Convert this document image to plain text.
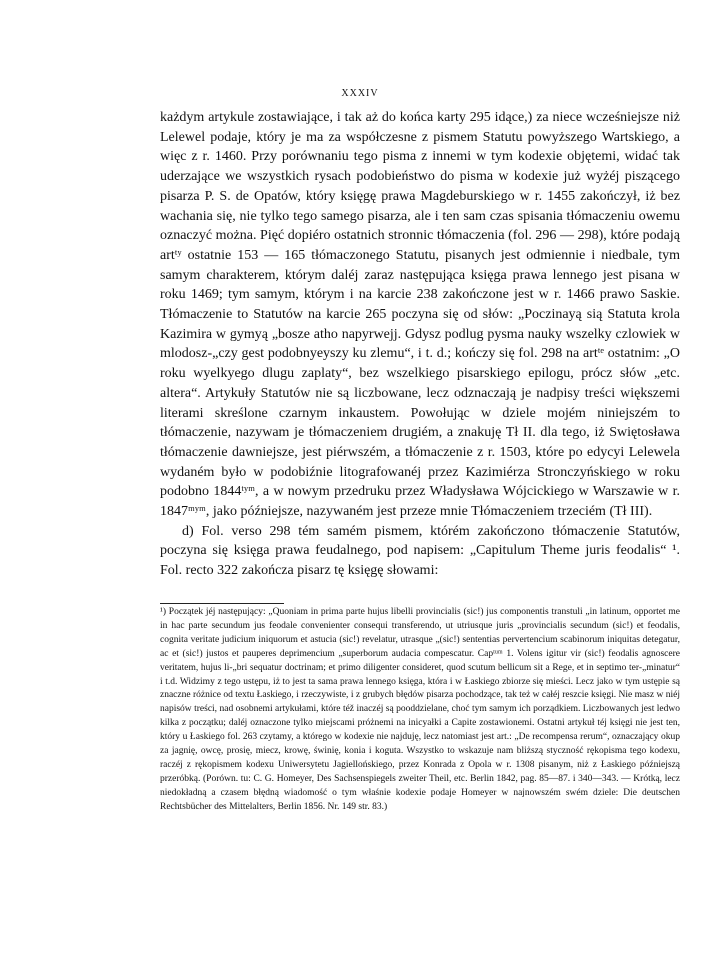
XXXIV

każdym artykule zostawiające, i tak aż do końca karty 295 idące,) za niece wcześniejsze niż Lelewel podaje, który je ma za współczesne z pismem Statutu powyższego Wartskiego, a więc z r. 1460. Przy porównaniu tego pisma z innemi w tym kodexie objętemi, widać tak uderzające we wszystkich rysach podobieństwo do pisma w kodexie już wyżéj piszącego pisarza P. S. de Opatów, który księgę prawa Magdeburskiego w r. 1455 zakończył, iż bez wachania się, nie tylko tego samego pisarza, ale i ten sam czas spisania tłómaczeniu owemu oznaczyć można. Pięć dopiéro ostatnich stronnic tłómaczenia (fol. 296 — 298), które podają artᵗʸ ostatnie 153 — 165 tłómaczonego Statutu, pisanych jest odmiennie i niedbale, tym samym charakterem, którym daléj zaraz następująca księga prawa lennego jest pisana w roku 1469; tym samym, którym i na karcie 238 zakończone jest w r. 1466 prawo Saskie. Tłómaczenie to Statutów na karcie 265 poczyna się od słów: „Poczinayą sią Statuta krola Kazimira w gymyą „bosze atho napyrwejj. Gdysz podlug pysma nauky wszelky czlowiek w mlodosz-„czy gest podobnyeyszy ku zlemu“, i t. d.; kończy się fol. 298 na artᵗᵉ ostatnim: „O roku wyelkyego dlugu zaplaty“, bez wszelkiego pisarskiego epilogu, prócz słów „etc. altera“. Artykuły Statutów nie są liczbowane, lecz odznaczają je nadpisy treści większemi literami skreślone czarnym inkaustem. Powołując w dziele mojém niniejszém to tłómaczenie, nazywam je tłómaczeniem drugiém, a znakuję Tł II. dla tego, iż Swiętosława tłómaczenie dawniejsze, jest piérwszém, a tłómaczenie z r. 1503, które po edycyi Lelewela wydaném było w podobiźnie litografowanéj przez Kazimiérza Stronczyńskiego w roku podobno 1844ᵗʸᵐ, a w nowym przedruku przez Władysława Wójcickiego w Warszawie w r. 1847ᵐʸᵐ, jako późniejsze, nazywaném jest przeze mnie Tłómaczeniem trzeciém (Tł III).

d) Fol. verso 298 tém samém pismem, którém zakończono tłómaczenie Statutów, poczyna się księga prawa feudalnego, pod napisem: „Capitulum Theme juris feodalis“ ¹. Fol. recto 322 zakończa pisarz tę księgę słowami:

¹) Początek jéj następujący: „Quoniam in prima parte hujus libelli provincialis (sic!) jus componentis transtuli „in latinum, opportet me in hac parte secundum jus feodale convenienter consequi transferendo, ut utriusque juris „provincialis secundum (sic!) et feodalis, cognita veritate judicium iniquorum et astucia (sic!) revelatur, utrasque „(sic!) sententias pervertencium scabinorum iniquitas detegatur, ac et (sic!) justos et pauperes deprimencium „superborum audacia compescatur. Capᵗᵘᵐ 1. Volens igitur vir (sic!) feodalis agnoscere veritatem, hujus li-„bri sequatur doctrinam; et primo diligenter consideret, quod scutum bellicum sit a Rege, et in septimo ter-„minatur“ i t.d. Widzimy z tego ustępu, iż to jest ta sama prawa lennego księga, która i w Łaskiego zbiorze się mieści. Lecz jako w tym ustępie są znaczne różnice od textu Łaskiego, i rzeczywiste, i z grubych błędów pisarza pochodzące, tak też w całéj reszcie księgi. Nie masz w niéj napisów treści, nad osobnemi artykułami, które též inaczéj są pooddzielane, choć tym samym ich porządkiem. Liczbowanych jest ledwo kilka z początku; daléj oznaczone tylko miejscami próżnemi na inicyałki a Capite zostawionemi. Ostatni artykuł téj księgi nie jest ten, który u Łaskiego fol. 263 czytamy, a którego w kodexie nie najduję, lecz natomiast jest art.: „De recompensa rerum“, oznaczający okup za jagnię, owcę, prosię, miecz, krowę, świnię, konia i koguta. Wszystko to wskazuje nam bliższą styczność rękopisma tego kodexu, raczéj z rękopismem kodexu Uniwersytetu Jagiellońskiego, przez Konrada z Opola w r. 1308 pisanym, niż z Łaskiego późniejszą przeróbką. (Porówn. tu: C. G. Homeyer, Des Sachsenspiegels zweiter Theil, etc. Berlin 1842, pag. 85—87. i 340—343. — Krótką, lecz niedokładną a czasem błędną wiadomość o tym właśnie kodexie podaje Homeyer w najnowszém swém dziele: Die deutschen Rechtsbücher des Mittelalters, Berlin 1856. Nr. 149 str. 83.)
